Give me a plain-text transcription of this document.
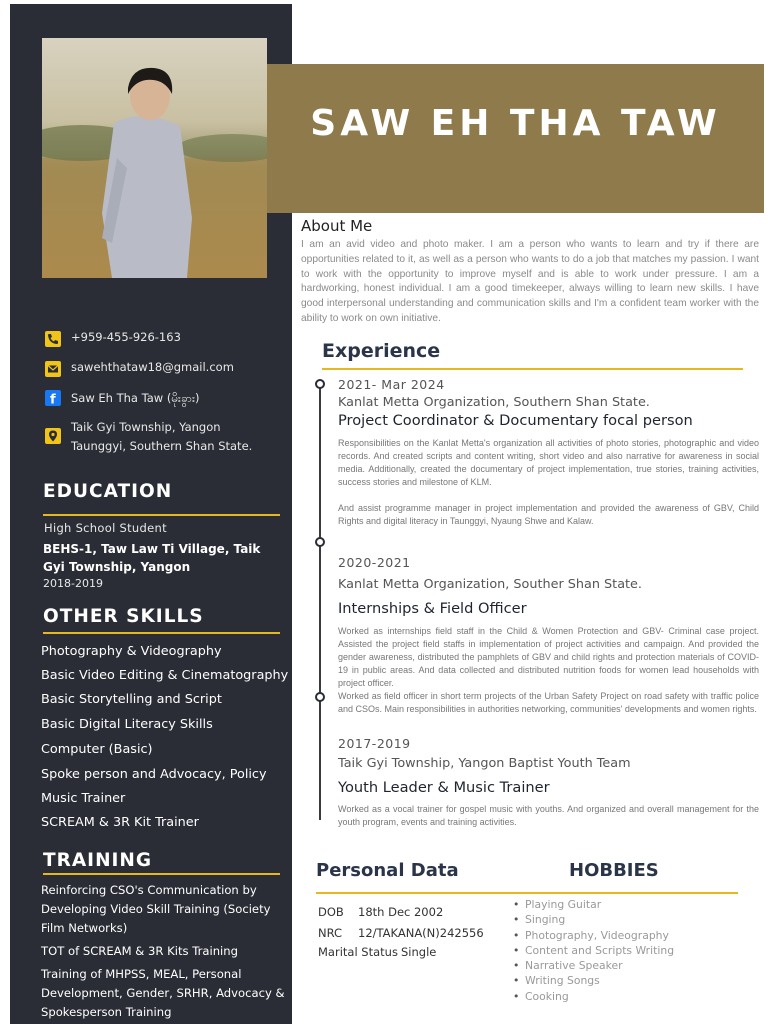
+959-455-926-163
sawehthataw18@gmail.com
f Saw Eh Tha Taw (မိုးခွား)
Taik Gyi Township, Yangon
Taunggyi, Southern Shan State.
EDUCATION
High School Student
BEHS-1, Taw Law Ti Village, Taik Gyi Township, Yangon
2018-2019
OTHER SKILLS
Photography & Videography
Basic Video Editing & Cinematography
Basic Storytelling and Script
Basic Digital Literacy Skills
Computer (Basic)
Spoke person and Advocacy, Policy
Music Trainer
SCREAM & 3R Kit Trainer
TRAINING
Reinforcing CSO's Communication by Developing Video Skill Training (Society Film Networks)
TOT of SCREAM & 3R Kits Training
Training of MHPSS, MEAL, Personal Development, Gender, SRHR, Advocacy & Spokesperson Training
SAW EH THA TAW
About Me
I am an avid video and photo maker. I am a person who wants to learn and try if there are opportunities related to it, as well as a person who wants to do a job that matches my passion. I want to work with the opportunity to improve myself and is able to work under pressure. I am a hardworking, honest individual. I am a good timekeeper, always willing to learn new skills. I have good interpersonal understanding and communication skills and I'm a confident team worker with the ability to work on own initiative.
Experience
2021- Mar 2024
Kanlat Metta Organization, Southern Shan State.
Project Coordinator & Documentary focal person
Responsibilities on the Kanlat Metta's organization all activities of photo stories, photographic and video records. And created scripts and content writing, short video and also narrative for awareness in social media. Additionally, created the documentary of project implementation, true stories, training activities, success stories and milestone of KLM.
And assist programme manager in project implementation and provided the awareness of GBV, Child Rights and digital literacy in Taunggyi, Nyaung Shwe and Kalaw.
2020-2021
Kanlat Metta Organization, Souther Shan State.
Internships & Field Officer
Worked as internships field staff in the Child & Women Protection and GBV- Criminal case project. Assisted the project field staffs in implementation of project activities and campaign. And provided the gender awareness, distributed the pamphlets of GBV and child rights and protection materials of COVID-19 in public areas. And data collected and distributed nutrition foods for women lead households with project officer.
Worked as field officer in short term projects of the Urban Safety Project on road safety with traffic police and CSOs. Main responsibilities in authorities networking, communities' developments and women rights.
2017-2019
Taik Gyi Township, Yangon Baptist Youth Team
Youth Leader & Music Trainer
Worked as a vocal trainer for gospel music with youths. And organized and overall management for the youth program, events and training activities.
Personal Data	HOBBIES
DOB 18th Dec 2002
NRC 12/TAKANA(N)242556
Marital Status Single
• Playing Guitar
• Singing
• Photography, Videography
• Content and Scripts Writing
• Narrative Speaker
• Writing Songs
• Cooking
